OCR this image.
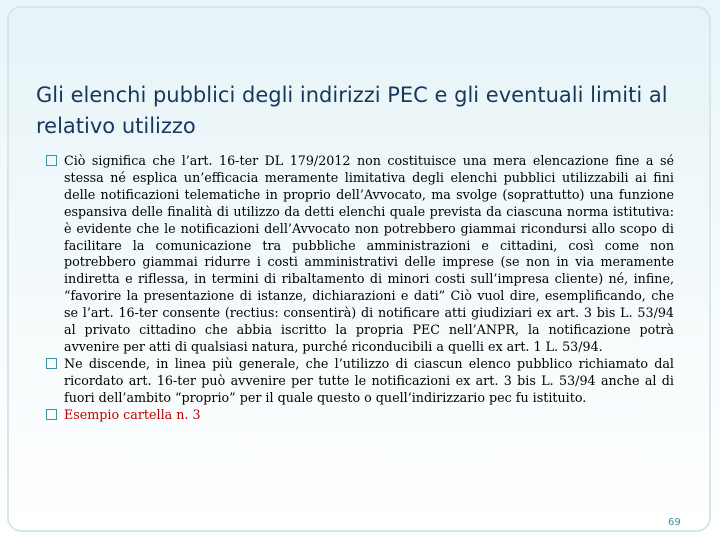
Gli elenchi pubblici degli indirizzi PEC e gli eventuali limiti al relativo utilizzo
Ciò significa che l’art. 16-ter DL 179/2012 non costituisce una mera elencazione fine a sé stessa né esplica un’efficacia meramente limitativa degli elenchi pubblici utilizzabili ai fini delle notificazioni telematiche in proprio dell’Avvocato, ma svolge (soprattutto) una funzione espansiva delle finalità di utilizzo da detti elenchi quale prevista da ciascuna norma istitutiva: è evidente che le notificazioni dell’Avvocato non potrebbero giammai ricondursi allo scopo di facilitare la comunicazione tra pubbliche amministrazioni e cittadini, così come non potrebbero giammai ridurre i costi amministrativi delle imprese (se non in via meramente indiretta e riflessa, in termini di ribaltamento di minori costi sull’impresa cliente) né, infine, “favorire la presentazione di istanze, dichiarazioni e dati” Ciò vuol dire, esemplificando, che se l’art. 16-ter consente (rectius: consentirà) di notificare atti giudiziari ex art. 3 bis L. 53/94 al privato cittadino che abbia iscritto la propria PEC nell’ANPR, la notificazione potrà avvenire per atti di qualsiasi natura, purché riconducibili a quelli ex art. 1 L. 53/94.
Ne discende, in linea più generale, che l’utilizzo di ciascun elenco pubblico richiamato dal ricordato art. 16-ter può avvenire per tutte le notificazioni ex art. 3 bis L. 53/94 anche al di fuori dell’ambito “proprio” per il quale questo o quell’indirizzario pec fu istituito.
Esempio cartella n. 3
69
